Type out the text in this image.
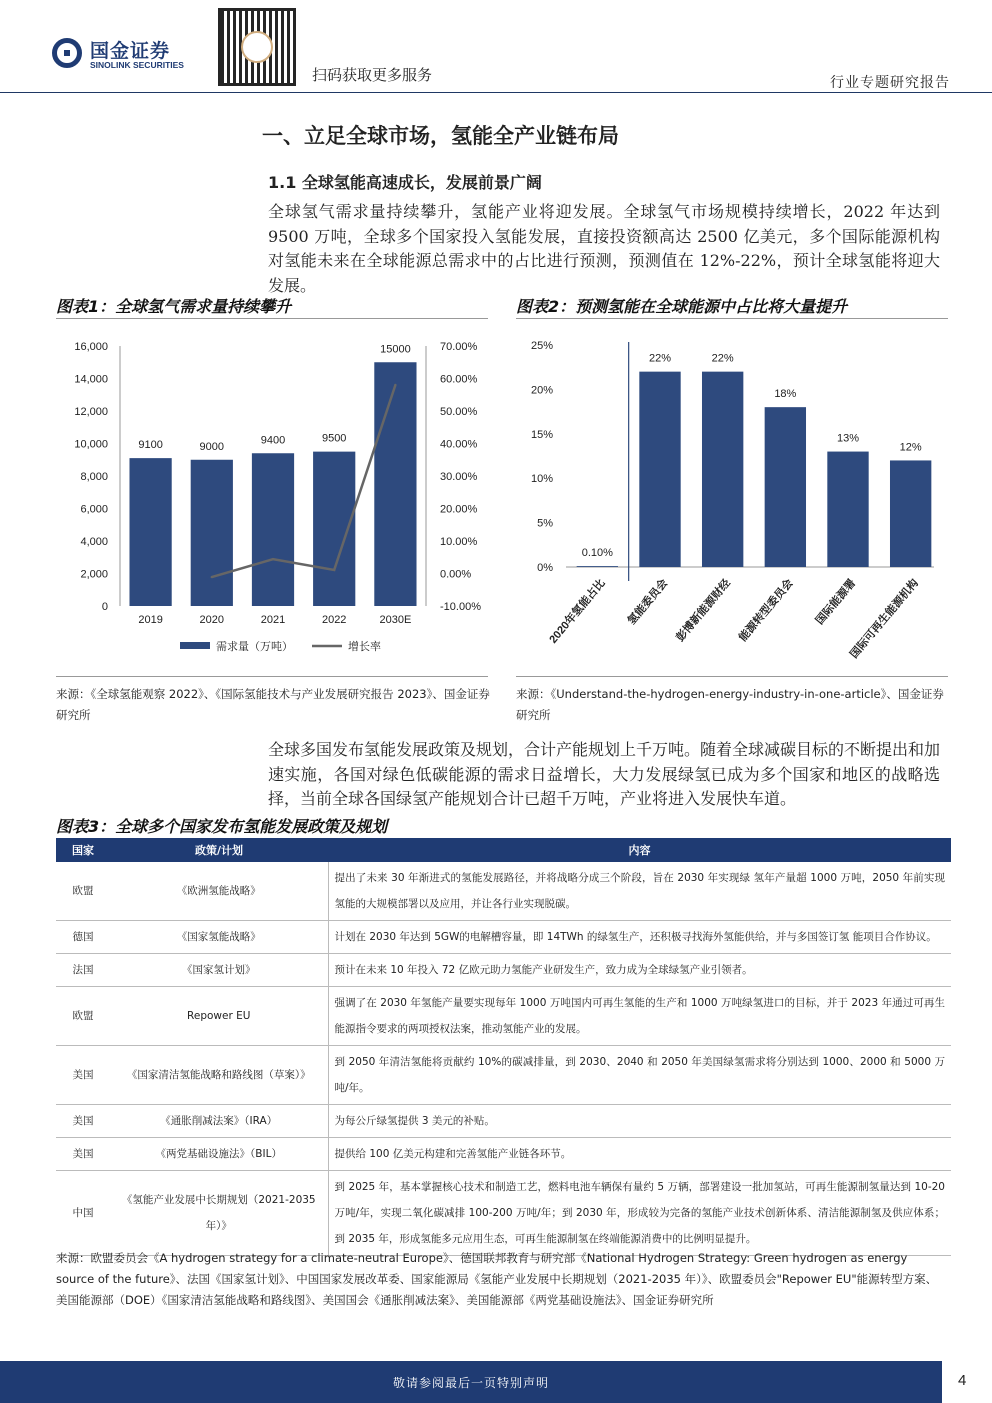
国金证券
SINOLINK SECURITIES
扫码获取更多服务	行业专题研究报告
一、立足全球市场，氢能全产业链布局
1.1 全球氢能高速成长，发展前景广阔
全球氢气需求量持续攀升，氢能产业将迎发展。全球氢气市场规模持续增长，2022 年达到 9500 万吨，全球多个国家投入氢能发展，直接投资额高达 2500 亿美元，多个国际能源机构对氢能未来在全球能源总需求中的占比进行预测，预测值在 12%-22%，预计全球氢能将迎大发展。
图表1：全球氢气需求量持续攀升
0
2,000
4,000
6,000
8,000
10,000
12,000
14,000
16,000
-10.00%
0.00%
10.00%
20.00%
30.00%
40.00%
50.00%
60.00%
70.00%
9100
2019
9000
2020
9400
2021
9500
2022
15000
2030E
需求量（万吨）	增长率
来源：《全球氢能观察 2022》、《国际氢能技术与产业发展研究报告 2023》、国金证券研究所
图表2：预测氢能在全球能源中占比将大量提升
0%
5%
10%
15%
20%
25%
0.10%
2020年氢能占比
22%
氢能委员会
22%
彭博新能源财经
18%
能源转型委员会
13%
国际能源署
12%
国际可再生能源机构
来源：《Understand-the-hydrogen-energy-industry-in-one-article》、国金证券研究所
全球多国发布氢能发展政策及规划，合计产能规划上千万吨。随着全球减碳目标的不断提出和加速实施，各国对绿色低碳能源的需求日益增长，大力发展绿氢已成为多个国家和地区的战略选择，当前全球各国绿氢产能规划合计已超千万吨，产业将进入发展快车道。
图表3：全球多个国家发布氢能发展政策及规划
国家	政策/计划	内容
欧盟	《欧洲氢能战略》	提出了未来 30 年渐进式的氢能发展路径，并将战略分成三个阶段，旨在 2030 年实现绿 氢年产量超 1000 万吨，2050 年前实现氢能的大规模部署以及应用，并让各行业实现脱碳。
德国	《国家氢能战略》	计划在 2030 年达到 5GW的电解槽容量，即 14TWh 的绿氢生产，还积极寻找海外氢能供给，并与多国签订氢 能项目合作协议。
法国	《国家氢计划》	预计在未来 10 年投入 72 亿欧元助力氢能产业研发生产，致力成为全球绿氢产业引领者。
欧盟	Repower EU	强调了在 2030 年氢能产量要实现每年 1000 万吨国内可再生氢能的生产和 1000 万吨绿氢进口的目标，并于 2023 年通过可再生能源指令要求的两项授权法案，推动氢能产业的发展。
美国	《国家清洁氢能战略和路线图（草案）》	到 2050 年清洁氢能将贡献约 10%的碳减排量，到 2030、2040 和 2050 年美国绿氢需求将分别达到 1000、2000 和 5000 万吨/年。
美国	《通胀削减法案》（IRA）	为每公斤绿氢提供 3 美元的补贴。
美国	《两党基础设施法》（BIL）	提供给 100 亿美元构建和完善氢能产业链各环节。
中国	《氢能产业发展中长期规划（2021-2035 年）》	到 2025 年，基本掌握核心技术和制造工艺，燃料电池车辆保有量约 5 万辆，部署建设一批加氢站，可再生能源制氢量达到 10-20 万吨/年，实现二氧化碳减排 100-200 万吨/年；到 2030 年，形成较为完备的氢能产业技术创新体系、清洁能源制氢及供应体系；到 2035 年，形成氢能多元应用生态，可再生能源制氢在终端能源消费中的比例明显提升。
来源：欧盟委员会《A hydrogen strategy for a climate-neutral Europe》、德国联邦教育与研究部《National Hydrogen Strategy: Green hydrogen as energy source of the future》、法国《国家氢计划》、中国国家发展改革委、国家能源局《氢能产业发展中长期规划（2021-2035 年）》、欧盟委员会"Repower EU"能源转型方案、美国能源部（DOE）《国家清洁氢能战略和路线图》、美国国会《通胀削减法案》、美国能源部《两党基础设施法》、国金证券研究所
敬请参阅最后一页特别声明	4
